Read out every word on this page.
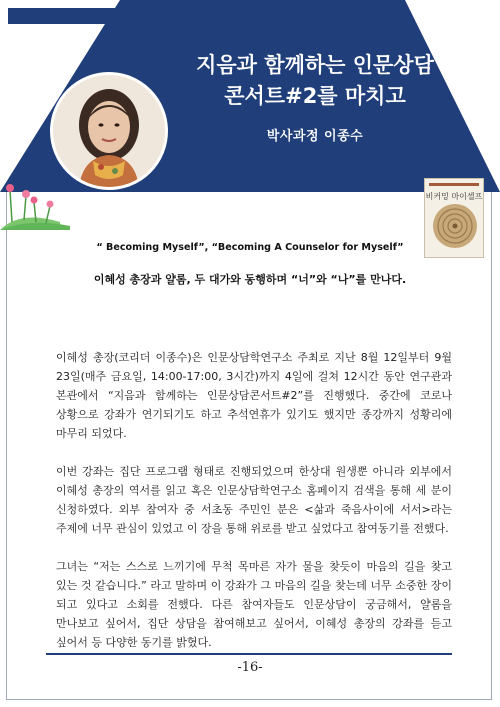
지음과 함께하는 인문상담
콘서트#2를 마치고
박사과정 이종수
비커밍 마이셀프
“ Becoming Myself”, “Becoming A Counselor for Myself”
이혜성 총장과 얄롬, 두 대가와 동행하며 “너”와 “나”를 만나다.

이혜성 총장(코리더 이종수)은 인문상담학연구소 주최로 지난 8월 12일부터 9월 23일(매주 금요일, 14:00-17:00, 3시간)까지 4일에 걸쳐 12시간 동안 연구관과 본관에서 “지음과 함께하는 인문상담콘서트#2”를 진행했다. 중간에 코로나 상황으로 강좌가 연기되기도 하고 추석연휴가 있기도 했지만 종강까지 성황리에 마무리 되었다.

이번 강좌는 집단 프로그램 형태로 진행되었으며 한상대 원생뿐 아니라 외부에서 이혜성 총장의 역서를 읽고 혹은 인문상담학연구소 홈페이지 검색을 통해 세 분이 신청하였다. 외부 참여자 중 서초동 주민인 분은 <삶과 죽음사이에 서서>라는 주제에 너무 관심이 있었고 이 장을 통해 위로를 받고 싶었다고 참여동기를 전했다.

그녀는 “저는 스스로 느끼기에 무척 목마른 자가 물을 찾듯이 마음의 길을 찾고 있는 것 같습니다.” 라고 말하며 이 강좌가 그 마음의 길을 찾는데 너무 소중한 장이 되고 있다고 소회를 전했다. 다른 참여자들도 인문상담이 궁금해서, 얄롬을 만나보고 싶어서, 집단 상담을 참여해보고 싶어서, 이혜성 총장의 강좌를 듣고 싶어서 등 다양한 동기를 밝혔다.

-16-
